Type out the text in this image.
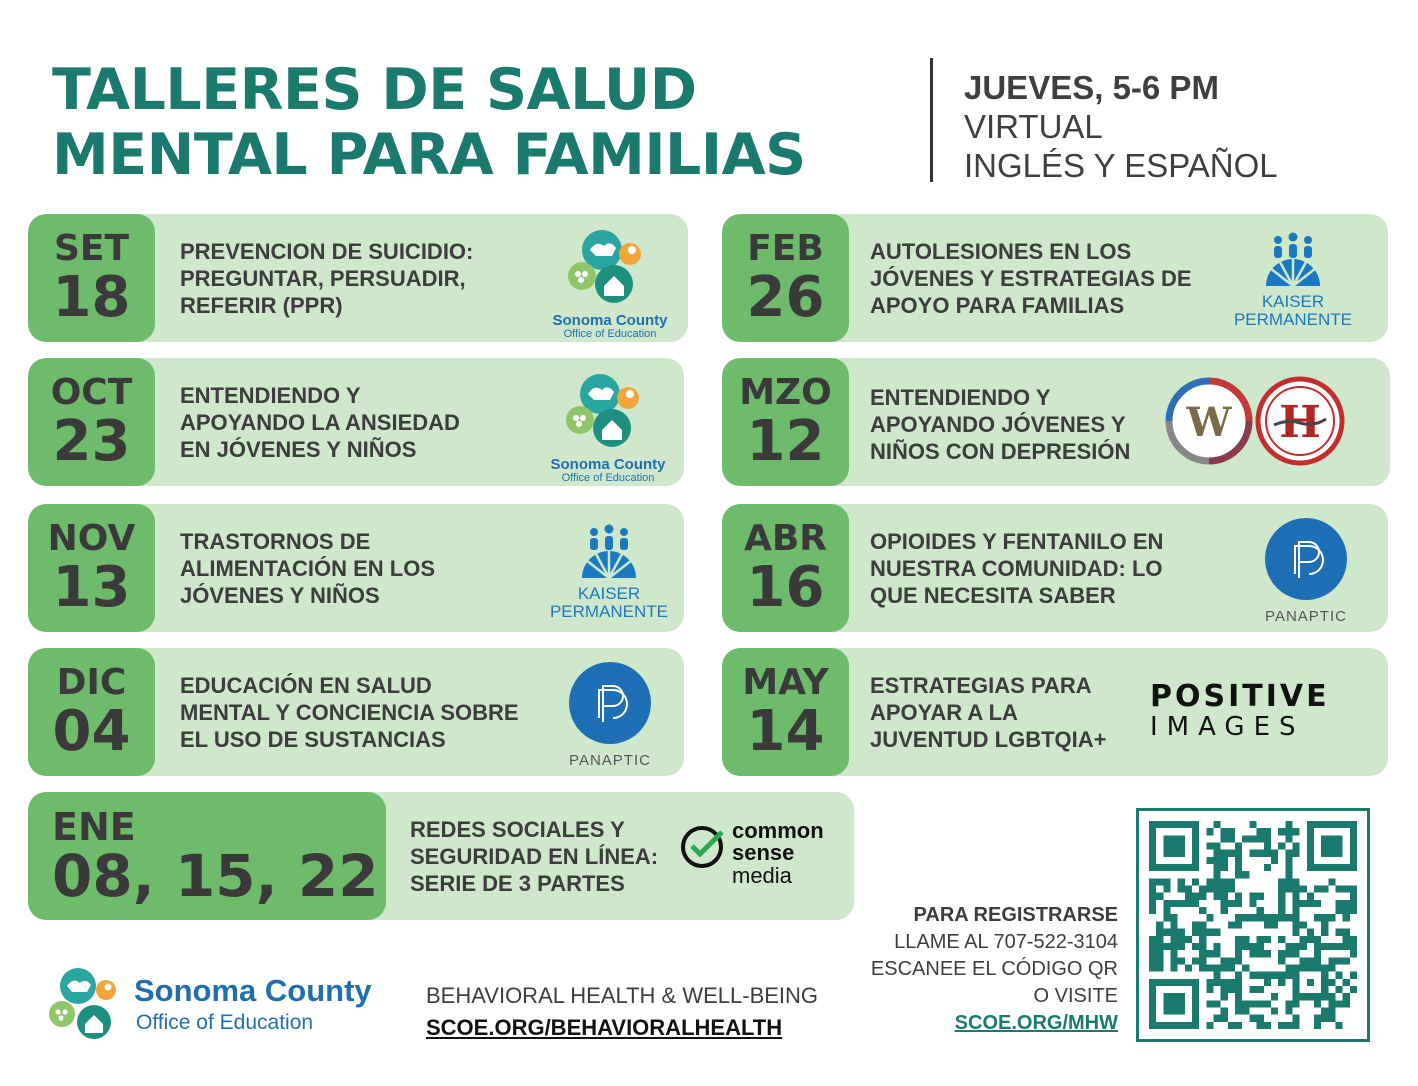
TALLERES DE SALUD
MENTAL PARA FAMILIAS
JUEVES, 5-6 PM
VIRTUAL
INGLÉS Y ESPAÑOL
SET
18
PREVENCION DE SUICIDIO:
PREGUNTAR, PERSUADIR,
REFERIR (PPR)
Sonoma County
Office of Education
OCT
23
ENTENDIENDO Y
APOYANDO LA ANSIEDAD
EN JÓVENES Y NIÑOS
Sonoma County
Office of Education
NOV
13
TRASTORNOS DE
ALIMENTACIÓN EN LOS
JÓVENES Y NIÑOS	KAISER
PERMANENTE
DIC
04
EDUCACIÓN EN SALUD
MENTAL Y CONCIENCIA SOBRE
EL USO DE SUSTANCIAS
PANAPTIC
FEB
26
AUTOLESIONES EN LOS
JÓVENES Y ESTRATEGIAS DE
APOYO PARA FAMILIAS	KAISER
PERMANENTE
MZO
12
ENTENDIENDO Y
APOYANDO JÓVENES Y
NIÑOS CON DEPRESIÓN
W H
ABR
16
OPIOIDES Y FENTANILO EN
NUESTRA COMUNIDAD: LO
QUE NECESITA SABER
PANAPTIC
MAY
14
ESTRATEGIAS PARA
APOYAR A LA
JUVENTUD LGBTQIA+
POSITIVE
IMAGES
ENE
08, 15, 22
REDES SOCIALES Y
SEGURIDAD EN LÍNEA:
SERIE DE 3 PARTES
common
sense
media
PARA REGISTRARSE
LLAME AL 707-522-3104
ESCANEE EL CÓDIGO QR
O VISITE
SCOE.ORG/MHW
Sonoma County
Office of Education
BEHAVIORAL HEALTH & WELL-BEING
SCOE.ORG/BEHAVIORALHEALTH
